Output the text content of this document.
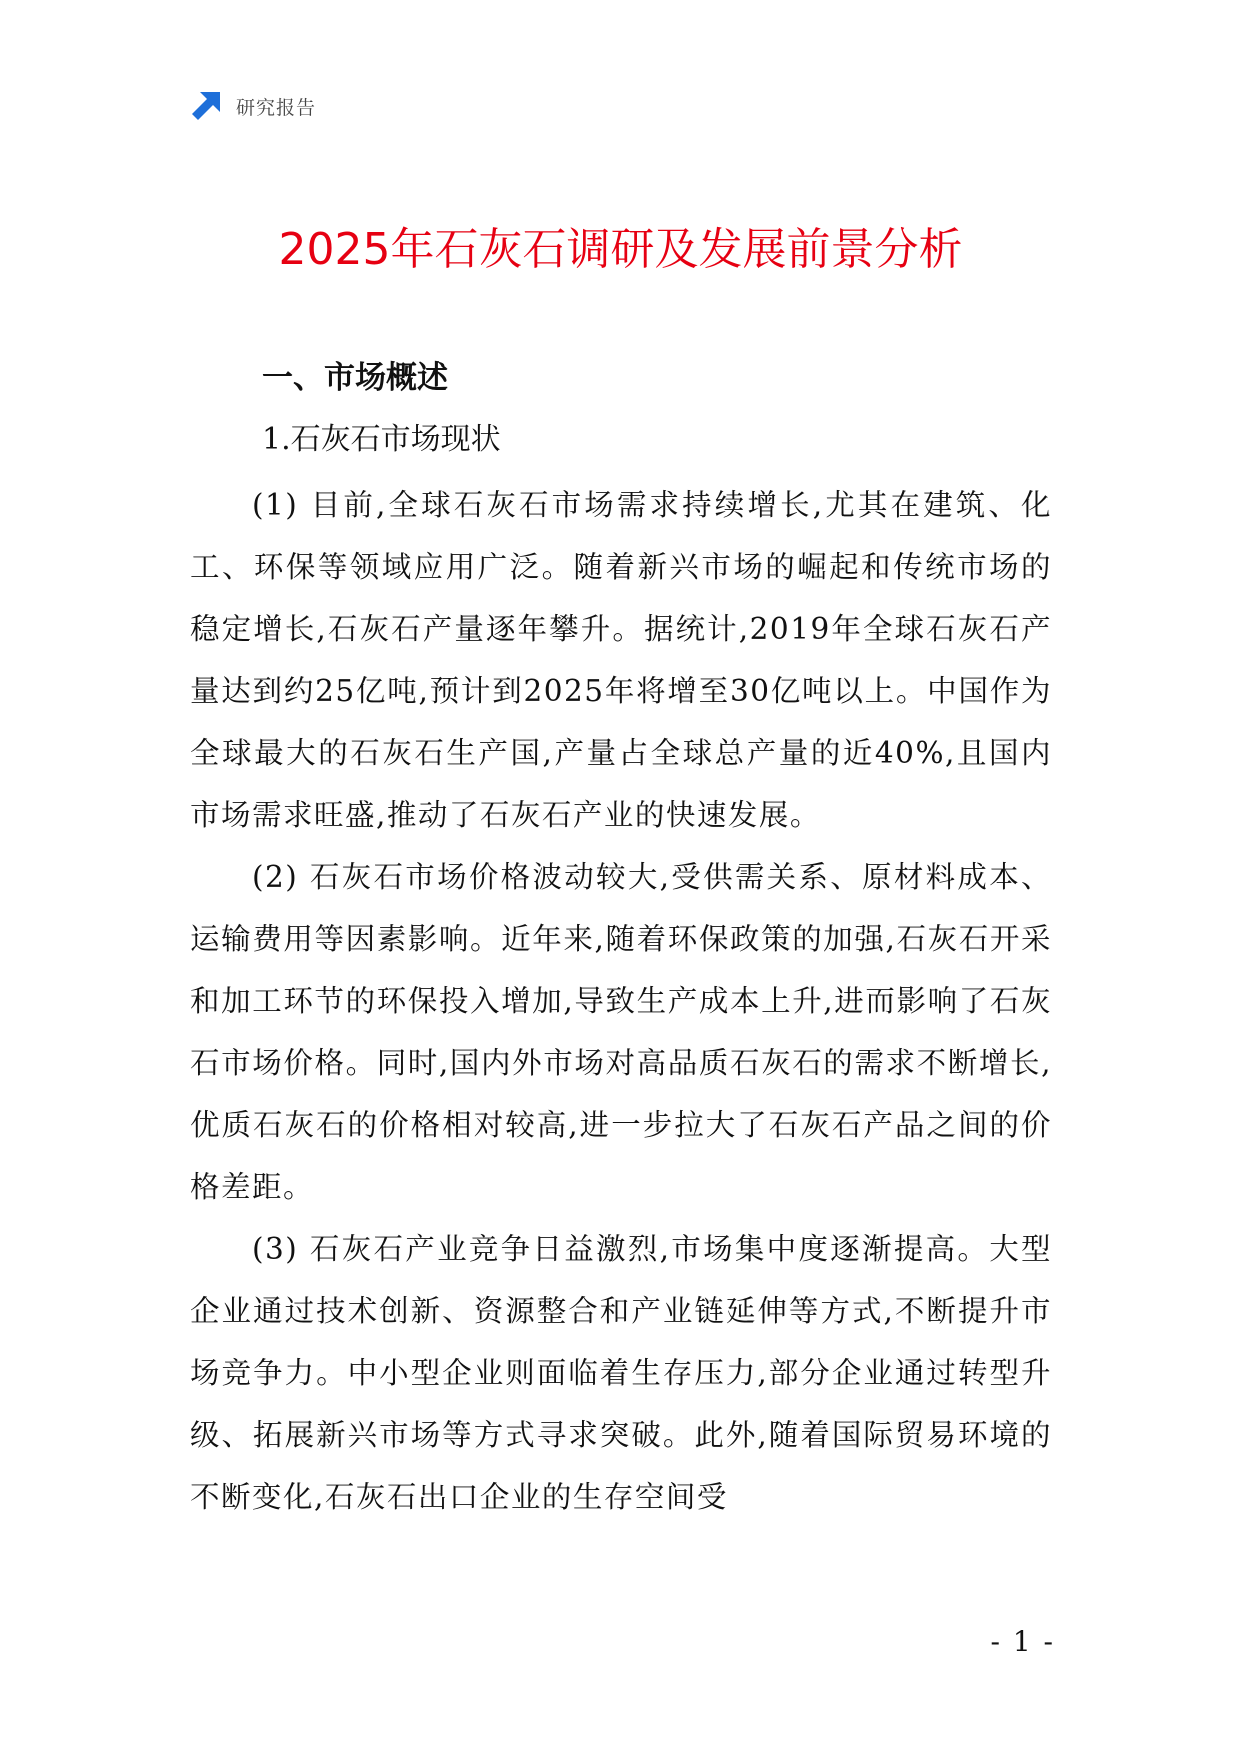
研究报告
2025年石灰石调研及发展前景分析
一、市场概述
1.石灰石市场现状

(1) 目前,全球石灰石市场需求持续增长,尤其在建筑、化工、环保等领域应用广泛。随着新兴市场的崛起和传统市场的稳定增长,石灰石产量逐年攀升。据统计,2019年全球石灰石产量达到约25亿吨,预计到2025年将增至30亿吨以上。中国作为全球最大的石灰石生产国,产量占全球总产量的近40%,且国内市场需求旺盛,推动了石灰石产业的快速发展。

(2) 石灰石市场价格波动较大,受供需关系、原材料成本、运输费用等因素影响。近年来,随着环保政策的加强,石灰石开采和加工环节的环保投入增加,导致生产成本上升,进而影响了石灰石市场价格。同时,国内外市场对高品质石灰石的需求不断增长,优质石灰石的价格相对较高,进一步拉大了石灰石产品之间的价格差距。

(3) 石灰石产业竞争日益激烈,市场集中度逐渐提高。大型企业通过技术创新、资源整合和产业链延伸等方式,不断提升市场竞争力。中小型企业则面临着生存压力,部分企业通过转型升级、拓展新兴市场等方式寻求突破。此外,随着国际贸易环境的不断变化,石灰石出口企业的生存空间受

- 1 -
